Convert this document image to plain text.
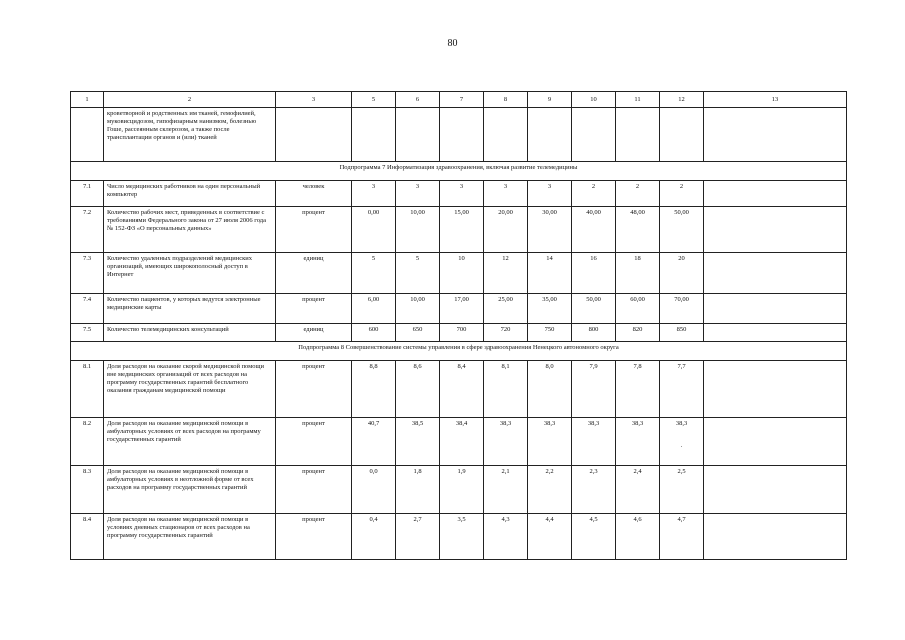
80
1	2	3	5	6	7	8	9	10	11	12	13
	кроветворной и родственных им тканей, гемофилией, муковисцидозом, гипофизарным нанизмом, болезнью Гоше, рассеянным склерозом, а также после трансплантации органов и (или) тканей										
Подпрограмма 7 Информатизация здравоохранения, включая развитие телемедицины											
7.1	Число медицинских работников на один персональный компьютер	человек	3	3	3	3	3	2	2	2	
7.2	Количество рабочих мест, приведенных в соответствие с требованиями Федерального закона от 27 июля 2006 года № 152-ФЗ «О персональных данных»	процент	0,00	10,00	15,00	20,00	30,00	40,00	48,00	50,00	
7.3	Количество удаленных подразделений медицинских организаций, имеющих широкополосный доступ в Интернет	единиц	5	5	10	12	14	16	18	20	
7.4	Количество пациентов, у которых ведутся электронные медицинские карты	процент	6,00	10,00	17,00	25,00	35,00	50,00	60,00	70,00	
7.5	Количество телемедицинских консультаций	единиц	600	650	700	720	750	800	820	850	
Подпрограмма 8 Совершенствование системы управления в сфере здравоохранения Ненецкого автономного округа											
8.1	Доля расходов на оказание скорой медицинской помощи вне медицинских организаций от всех расходов на программу государственных гарантий бесплатного оказания гражданам медицинской помощи	процент	8,8	8,6	8,4	8,1	8,0	7,9	7,8	7,7	
8.2	Доля расходов на оказание медицинской помощи в амбулаторных условиях от всех расходов на программу государственных гарантий	процент	40,7	38,5	38,4	38,3	38,3	38,3	38,3	38,3
.	

8.3	Доля расходов на оказание медицинской помощи в амбулаторных условиях в неотложной форме от всех расходов на программу государственных гарантий	процент	0,0	1,8	1,9	2,1	2,2	2,3	2,4	2,5	
8.4	Доля расходов на оказание медицинской помощи в условиях дневных стационаров от всех расходов на программу государственных гарантий	процент	0,4	2,7	3,5	4,3	4,4	4,5	4,6	4,7	
